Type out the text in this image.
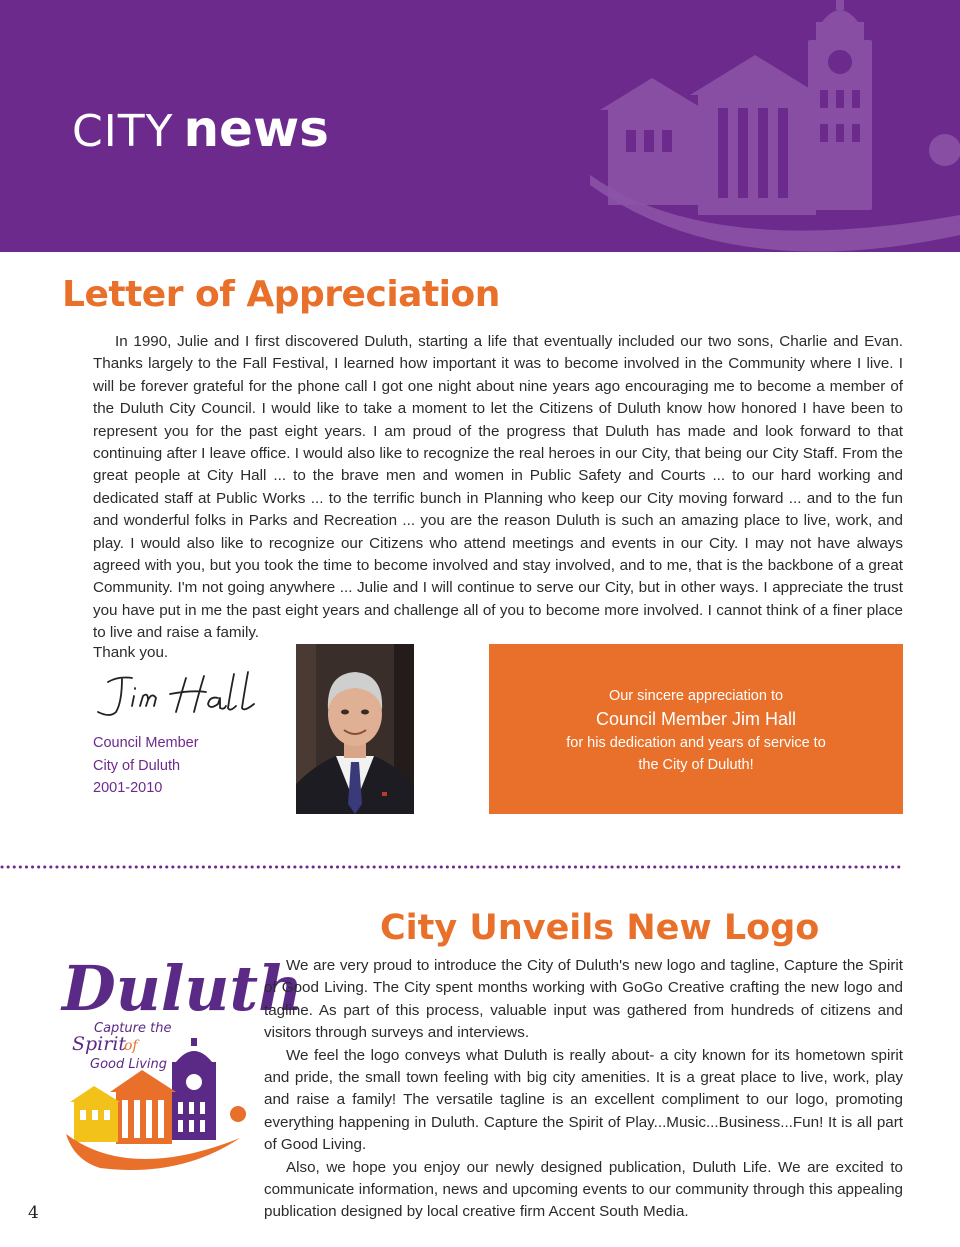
CITY news
Letter of Appreciation

In 1990, Julie and I first discovered Duluth, starting a life that eventually included our two sons, Charlie and Evan. Thanks largely to the Fall Festival, I learned how important it was to become involved in the Community where I live. I will be forever grateful for the phone call I got one night about nine years ago encouraging me to become a member of the Duluth City Council. I would like to take a moment to let the Citizens of Duluth know how honored I have been to represent you for the past eight years. I am proud of the progress that Duluth has made and look forward to that continuing after I leave office. I would also like to recognize the real heroes in our City, that being our City Staff. From the great people at City Hall ... to the brave men and women in Public Safety and Courts ... to our hard working and dedicated staff at Public Works ... to the terrific bunch in Planning who keep our City moving forward ... and to the fun and wonderful folks in Parks and Recreation ... you are the reason Duluth is such an amazing place to live, work, and play. I would also like to recognize our Citizens who attend meetings and events in our City. I may not have always agreed with you, but you took the time to become involved and stay involved, and to me, that is the backbone of a great Community. I'm not going anywhere ... Julie and I will continue to serve our City, but in other ways. I appreciate the trust you have put in me the past eight years and challenge all of you to become more involved. I cannot think of a finer place to live and raise a family.

Thank you.
Council Member
City of Duluth
2001-2010
Our sincere appreciation to
Council Member Jim Hall
for his dedication and years of service to
the City of Duluth!
Duluth
Capture the
Spirit
of
Good Living
City Unveils New Logo

We are very proud to introduce the City of Duluth's new logo and tagline, Capture the Spirit of Good Living. The City spent months working with GoGo Creative crafting the new logo and tagline. As part of this process, valuable input was gathered from hundreds of citizens and visitors through surveys and interviews.

We feel the logo conveys what Duluth is really about- a city known for its hometown spirit and pride, the small town feeling with big city amenities. It is a great place to live, work, play and raise a family! The versatile tagline is an excellent compliment to our logo, promoting everything happening in Duluth. Capture the Spirit of Play...Music...Business...Fun! It is all part of Good Living.

Also, we hope you enjoy our newly designed publication, Duluth Life. We are excited to communicate information, news and upcoming events to our community through this appealing publication designed by local creative firm Accent South Media.

4
